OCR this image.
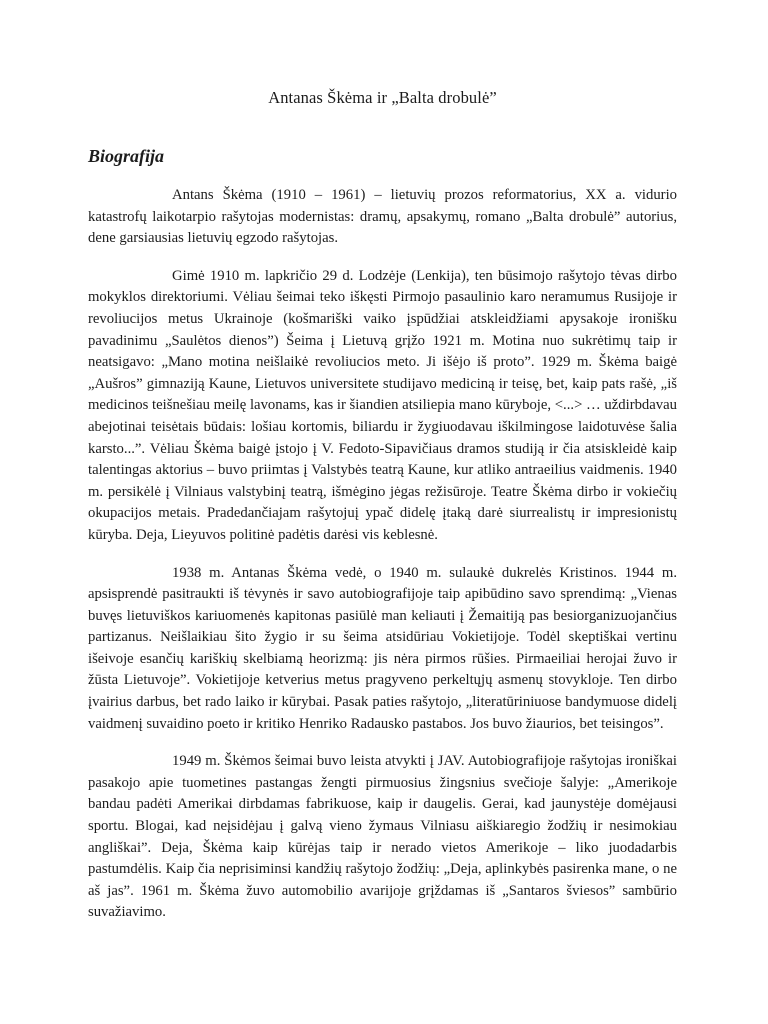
Antanas Škėma ir „Balta drobulė”
Biografija

Antans Škėma (1910 – 1961) – lietuvių prozos reformatorius, XX a. vidurio katastrofų laikotarpio rašytojas modernistas: dramų, apsakymų, romano „Balta drobulė” autorius, dene garsiausias lietuvių egzodo rašytojas.

Gimė 1910 m. lapkričio 29 d. Lodzėje (Lenkija), ten būsimojo rašytojo tėvas dirbo mokyklos direktoriumi. Vėliau šeimai teko iškęsti Pirmojo pasaulinio karo neramumus Rusijoje ir revoliucijos metus Ukrainoje (košmariški vaiko įspūdžiai atskleidžiami apysakoje ironišku pavadinimu „Saulėtos dienos”) Šeima į Lietuvą grįžo 1921 m. Motina nuo sukrėtimų taip ir neatsigavo: „Mano motina neišlaikė revoliucios meto. Ji išėjo iš proto”. 1929 m. Škėma baigė „Aušros” gimnaziją Kaune, Lietuvos universitete studijavo mediciną ir teisę, bet, kaip pats rašė, „iš medicinos teišnešiau meilę lavonams, kas ir šiandien atsiliepia mano kūryboje, <...> … uždirbdavau abejotinai teisėtais būdais: lošiau kortomis, biliardu ir žygiuodavau iškilmingose laidotuvėse šalia karsto...”. Vėliau Škėma baigė įstojo į V. Fedoto-Sipavičiaus dramos studiją ir čia atsiskleidė kaip talentingas aktorius – buvo priimtas į Valstybės teatrą Kaune, kur atliko antraeilius vaidmenis. 1940 m. persikėlė į Vilniaus valstybinį teatrą, išmėgino jėgas režisūroje. Teatre Škėma dirbo ir vokiečių okupacijos metais. Pradedančiajam rašytojuį ypač didelę įtaką darė siurrealistų ir impresionistų kūryba. Deja, Lieyuvos politinė padėtis darėsi vis keblesnė.

1938 m. Antanas Škėma vedė, o 1940 m. sulaukė dukrelės Kristinos. 1944 m. apsisprendė pasitraukti iš tėvynės ir savo autobiografijoje taip apibūdino savo sprendimą: „Vienas buvęs lietuviškos kariuomenės kapitonas pasiūlė man keliauti į Žemaitiją pas besiorganizuojančius partizanus. Neišlaikiau šito žygio ir su šeima atsidūriau Vokietijoje. Todėl skeptiškai vertinu išeivoje esančių kariškių skelbiamą heorizmą: jis nėra pirmos rūšies. Pirmaeiliai herojai žuvo ir žūsta Lietuvoje”. Vokietijoje ketverius metus pragyveno perkeltųjų asmenų stovykloje. Ten dirbo įvairius darbus, bet rado laiko ir kūrybai. Pasak paties rašytojo, „literatūriniuose bandymuose didelį vaidmenį suvaidino poeto ir kritiko Henriko Radausko pastabos. Jos buvo žiaurios, bet teisingos”.

1949 m. Škėmos šeimai buvo leista atvykti į JAV. Autobiografijoje rašytojas ironiškai pasakojo apie tuometines pastangas žengti pirmuosius žingsnius svečioje šalyje: „Amerikoje bandau padėti Amerikai dirbdamas fabrikuose, kaip ir daugelis. Gerai, kad jaunystėje domėjausi sportu. Blogai, kad neįsidėjau į galvą vieno žymaus Vilniasu aiškiaregio žodžių ir nesimokiau angliškai”. Deja, Škėma kaip kūrėjas taip ir nerado vietos Amerikoje – liko juodadarbis pastumdėlis. Kaip čia neprisiminsi kandžių rašytojo žodžių: „Deja, aplinkybės pasirenka mane, o ne aš jas”. 1961 m. Škėma žuvo automobilio avarijoje grįždamas iš „Santaros šviesos” sambūrio suvažiavimo.
